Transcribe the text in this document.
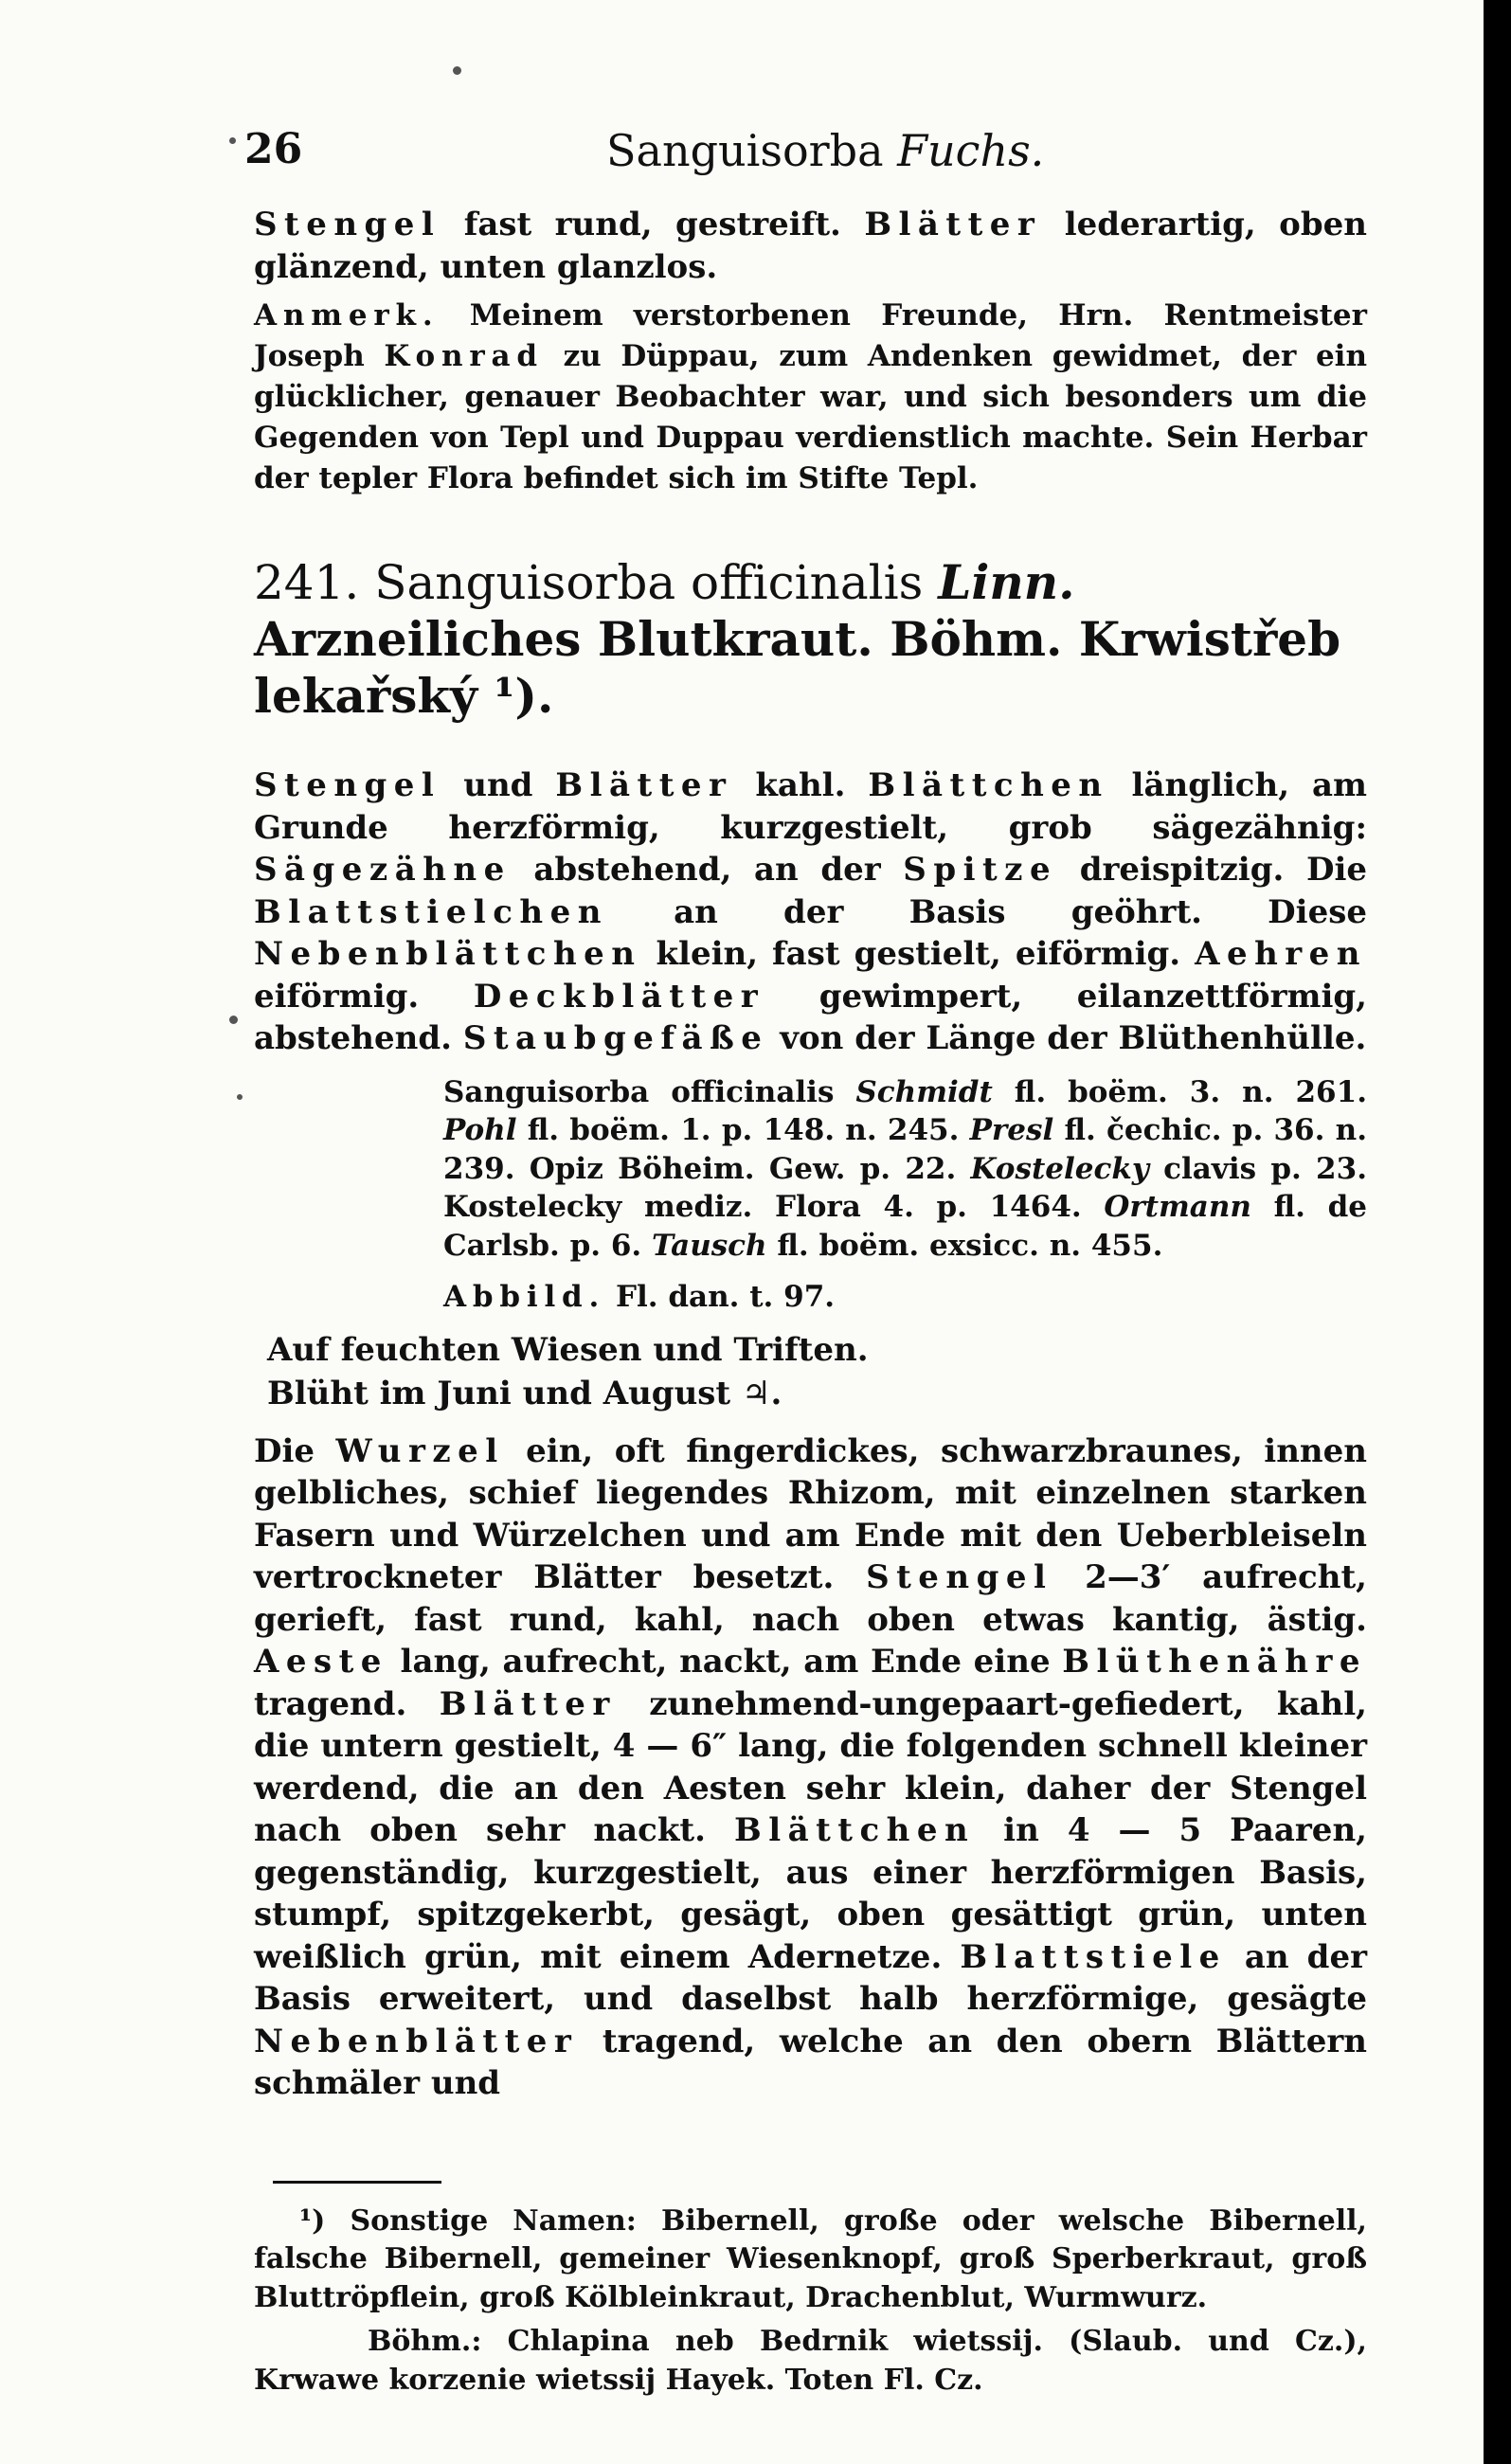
26	Sanguisorba Fuchs.

Stengel fast rund, gestreift. Blätter lederartig, oben glänzend, unten glanzlos.

Anmerk. Meinem verstorbenen Freunde, Hrn. Rentmeister Joseph Konrad zu Düppau, zum Andenken gewidmet, der ein glücklicher, genauer Beobachter war, und sich besonders um die Gegenden von Tepl und Duppau verdienstlich machte. Sein Herbar der tepler Flora befindet sich im Stifte Tepl.

241. Sanguisorba officinalis Linn. Arzneiliches Blutkraut. Böhm. Krwistřeb lekařský ¹).

Stengel und Blätter kahl. Blättchen länglich, am Grunde herzförmig, kurzgestielt, grob sägezähnig: Sägezähne abstehend, an der Spitze dreispitzig. Die Blattstielchen an der Basis geöhrt. Diese Nebenblättchen klein, fast gestielt, eiförmig. Aehren eiförmig. Deckblätter gewimpert, eilanzettförmig, abstehend. Staubgefäße von der Länge der Blüthenhülle.

Sanguisorba officinalis Schmidt fl. boëm. 3. n. 261. Pohl fl. boëm. 1. p. 148. n. 245. Presl fl. čechic. p. 36. n. 239. Opiz Böheim. Gew. p. 22. Kostelecky clavis p. 23. Kostelecky mediz. Flora 4. p. 1464. Ortmann fl. de Carlsb. p. 6. Tausch fl. boëm. exsicc. n. 455.

Abbild. Fl. dan. t. 97.

Auf feuchten Wiesen und Triften.

Blüht im Juni und August ♃.

Die Wurzel ein, oft fingerdickes, schwarzbraunes, innen gelbliches, schief liegendes Rhizom, mit einzelnen starken Fasern und Würzelchen und am Ende mit den Ueberbleiseln vertrockneter Blätter besetzt. Stengel 2—3′ aufrecht, gerieft, fast rund, kahl, nach oben etwas kantig, ästig. Aeste lang, aufrecht, nackt, am Ende eine Blüthenähre tragend. Blätter zunehmend-ungepaart-gefiedert, kahl, die untern gestielt, 4 — 6″ lang, die folgenden schnell kleiner werdend, die an den Aesten sehr klein, daher der Stengel nach oben sehr nackt. Blättchen in 4 — 5 Paaren, gegenständig, kurzgestielt, aus einer herzförmigen Basis, stumpf, spitzgekerbt, gesägt, oben gesättigt grün, unten weißlich grün, mit einem Adernetze. Blattstiele an der Basis erweitert, und daselbst halb herzförmige, gesägte Nebenblätter tragend, welche an den obern Blättern schmäler und

¹) Sonstige Namen: Bibernell, große oder welsche Bibernell, falsche Bibernell, gemeiner Wiesenknopf, groß Sperberkraut, groß Bluttröpflein, groß Kölbleinkraut, Drachenblut, Wurmwurz.

Böhm.: Chlapina neb Bedrnik wietssij. (Slaub. und Cz.), Krwawe korzenie wietssij Hayek. Toten Fl. Cz.
